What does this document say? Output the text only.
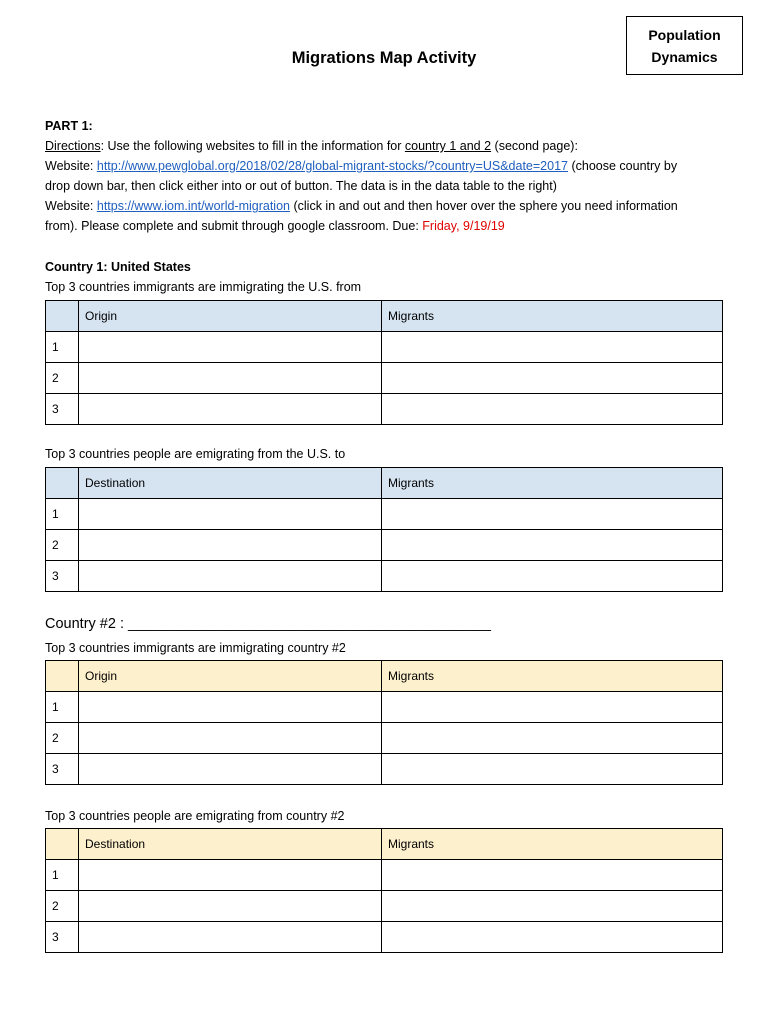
Population
Dynamics
Migrations Map Activity
PART 1:
Directions: Use the following websites to fill in the information for country 1 and 2 (second page):
Website: http://www.pewglobal.org/2018/02/28/global-migrant-stocks/?country=US&date=2017 (choose country by
drop down bar, then click either into or out of button. The data is in the data table to the right)
Website: https://www.iom.int/world-migration (click in and out and then hover over the sphere you need information
from). Please complete and submit through google classroom. Due: Friday, 9/19/19
Country 1: United States
Top 3 countries immigrants are immigrating the U.S. from
	Origin	Migrants
1		
2		
3		
Top 3 countries people are emigrating from the U.S. to
	Destination	Migrants
1		
2		
3		
Country #2 : _____________________________________________
Top 3 countries immigrants are immigrating country #2
	Origin	Migrants
1		
2		
3		
Top 3 countries people are emigrating from country #2
	Destination	Migrants
1		
2		
3		
